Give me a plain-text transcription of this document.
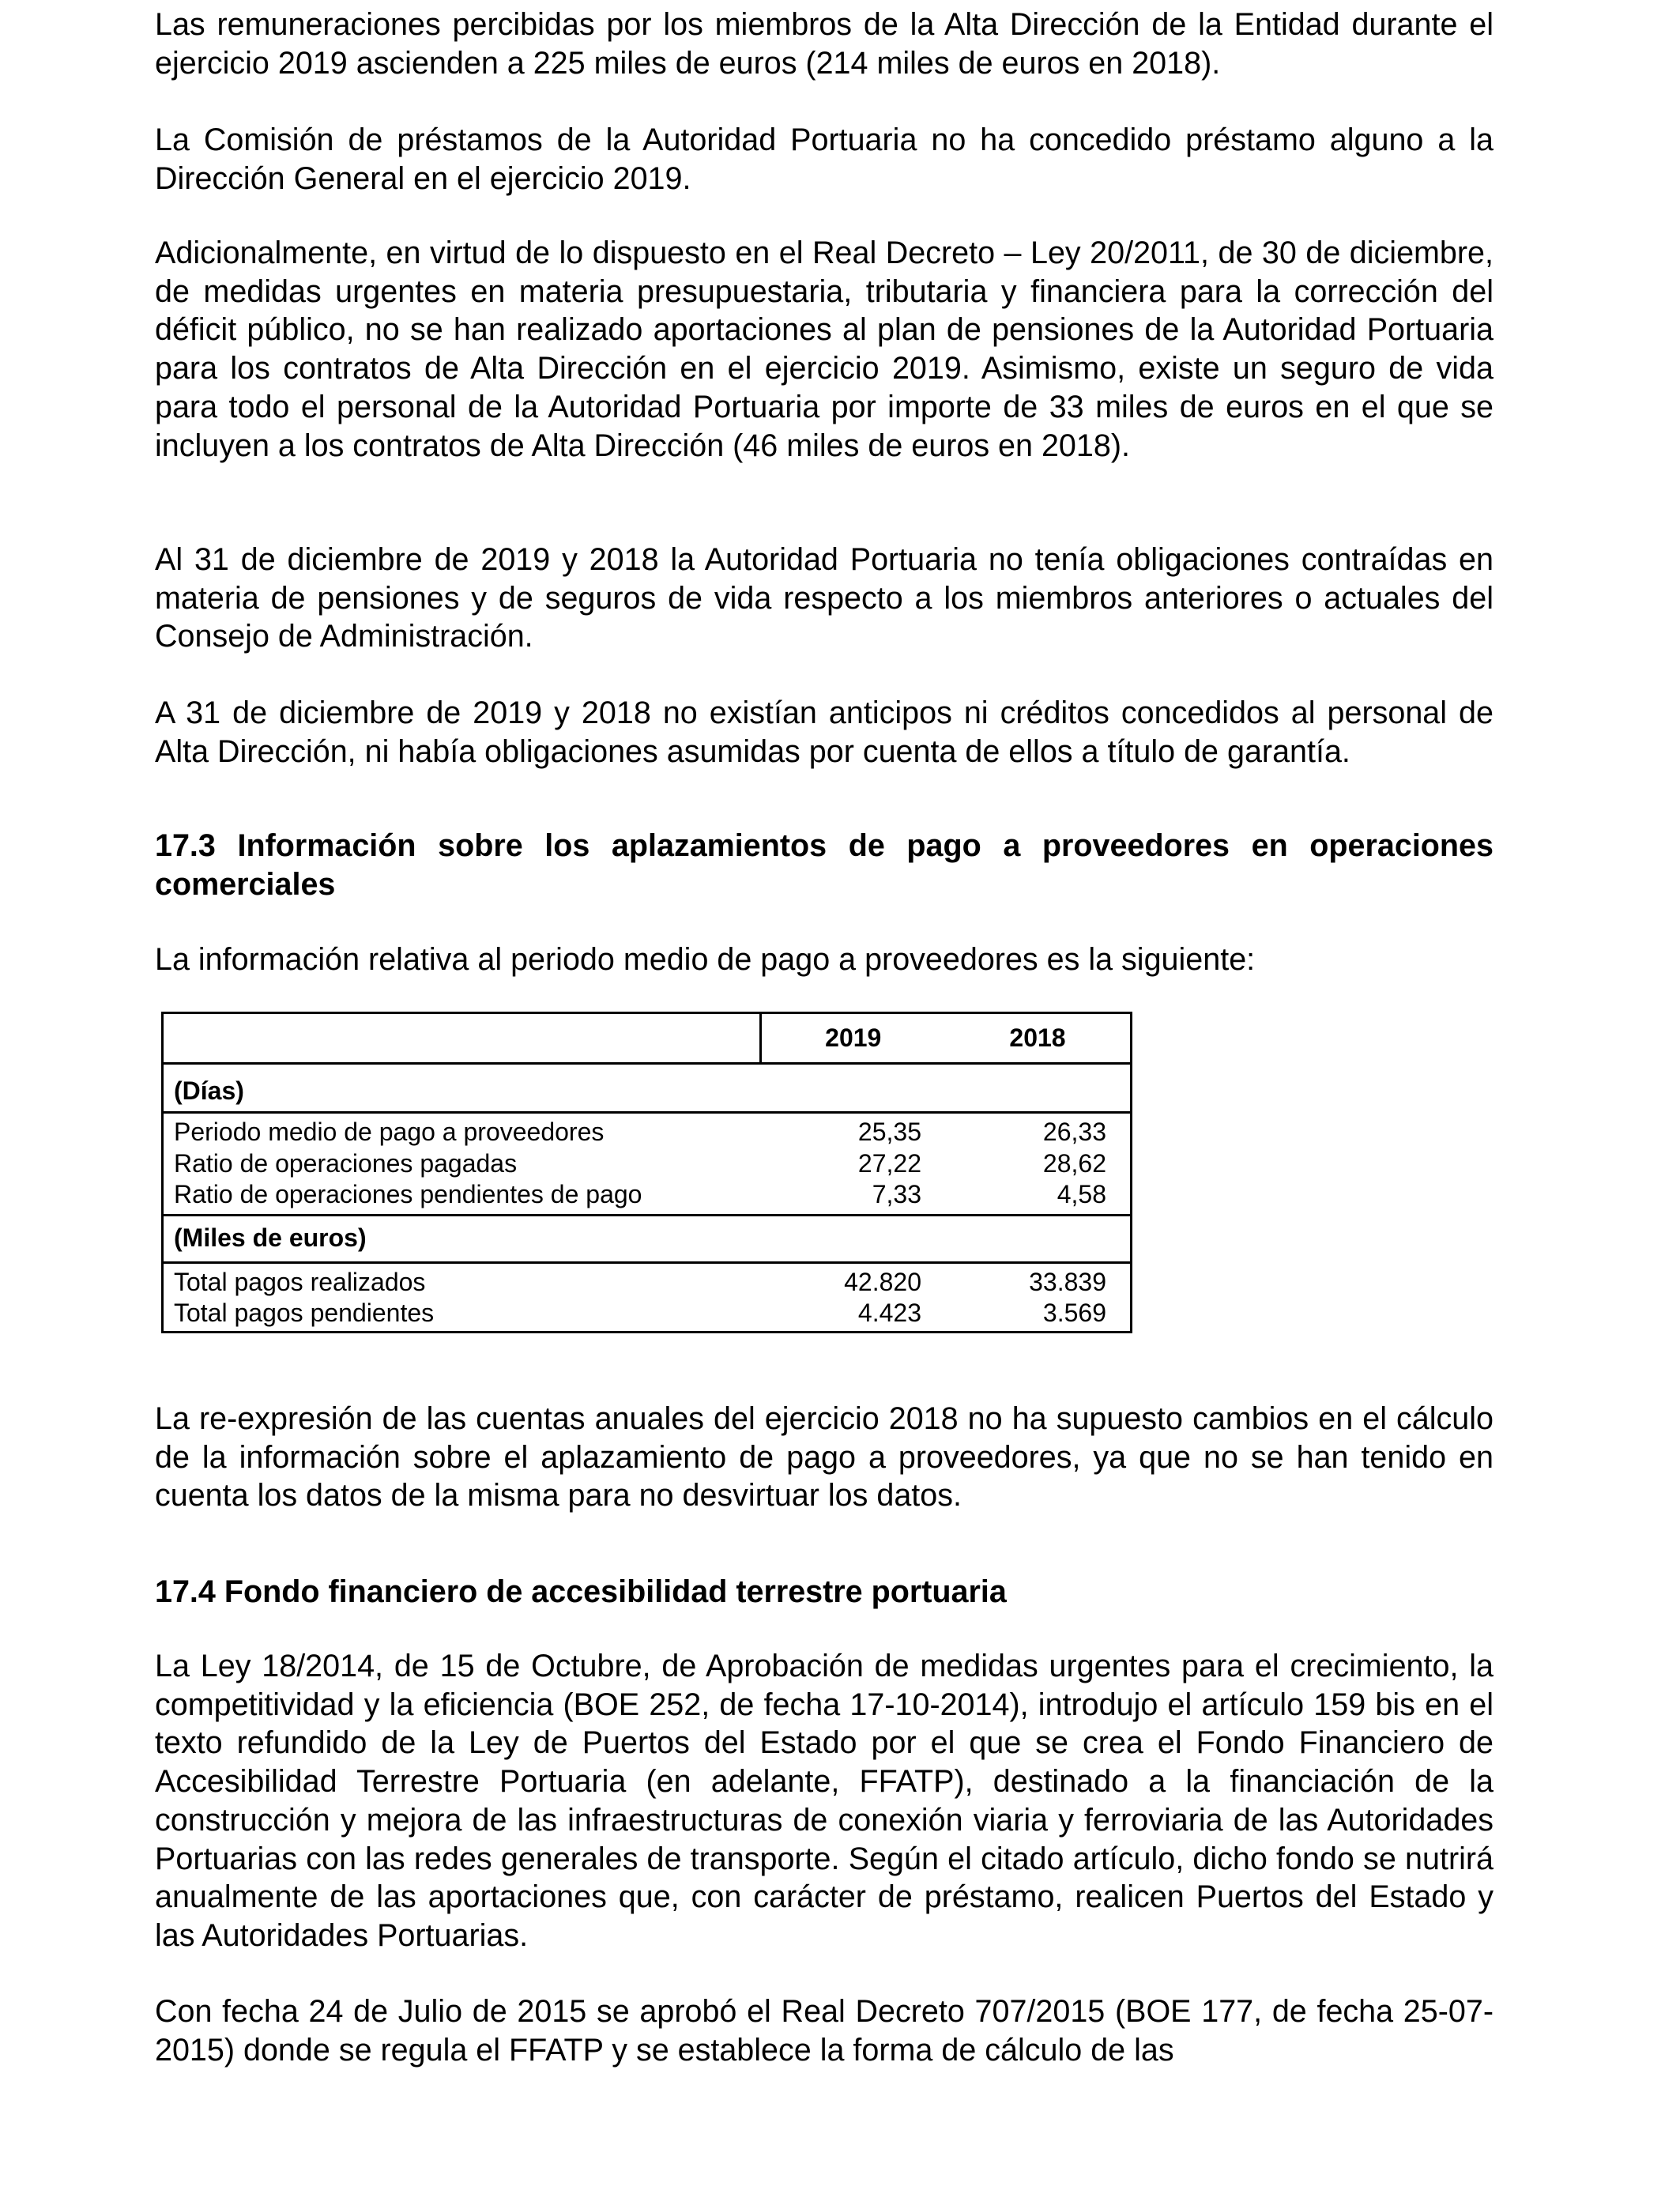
Las remuneraciones percibidas por los miembros de la Alta Dirección de la Entidad durante el ejercicio 2019 ascienden a 225 miles de euros (214 miles de euros en 2018).

La Comisión de préstamos de la Autoridad Portuaria no ha concedido préstamo alguno a la Dirección General en el ejercicio 2019.

Adicionalmente, en virtud de lo dispuesto en el Real Decreto – Ley 20/2011, de 30 de diciembre, de medidas urgentes en materia presupuestaria, tributaria y financiera para la corrección del déficit público, no se han realizado aportaciones al plan de pensiones de la Autoridad Portuaria para los contratos de Alta Dirección en el ejercicio 2019. Asimismo, existe un seguro de vida para todo el personal de la Autoridad Portuaria por importe de 33 miles de euros en el que se incluyen a los contratos de Alta Dirección (46 miles de euros en 2018).

Al 31 de diciembre de 2019 y 2018 la Autoridad Portuaria no tenía obligaciones contraídas en materia de pensiones y de seguros de vida respecto a los miembros anteriores o actuales del Consejo de Administración.

A 31 de diciembre de 2019 y 2018 no existían anticipos ni créditos concedidos al personal de Alta Dirección, ni había obligaciones asumidas por cuenta de ellos a título de garantía.

17.3 Información sobre los aplazamientos de pago a proveedores en operaciones comerciales

La información relativa al periodo medio de pago a proveedores es la siguiente:

La re-expresión de las cuentas anuales del ejercicio 2018 no ha supuesto cambios en el cálculo de la información sobre el aplazamiento de pago a proveedores, ya que no se han tenido en cuenta los datos de la misma para no desvirtuar los datos.

17.4 Fondo financiero de accesibilidad terrestre portuaria

La Ley 18/2014, de 15 de Octubre, de Aprobación de medidas urgentes para el crecimiento, la competitividad y la eficiencia (BOE 252, de fecha 17-10-2014), introdujo el artículo 159 bis en el texto refundido de la Ley de Puertos del Estado por el que se crea el Fondo Financiero de Accesibilidad Terrestre Portuaria (en adelante, FFATP), destinado a la financiación de la construcción y mejora de las infraestructuras de conexión viaria y ferroviaria de las Autoridades Portuarias con las redes generales de transporte. Según el citado artículo, dicho fondo se nutrirá anualmente de las aportaciones que, con carácter de préstamo, realicen Puertos del Estado y las Autoridades Portuarias.

Con fecha 24 de Julio de 2015 se aprobó el Real Decreto 707/2015 (BOE 177, de fecha 25-07-2015) donde se regula el FFATP y se establece la forma de cálculo de las

	2019	2018
(Días)		
Periodo medio de pago a proveedores	25,35	26,33
Ratio de operaciones pagadas	27,22	28,62
Ratio de operaciones pendientes de pago	7,33	4,58
(Miles de euros)		
Total pagos realizados	42.820	33.839
Total pagos pendientes	4.423	3.569
